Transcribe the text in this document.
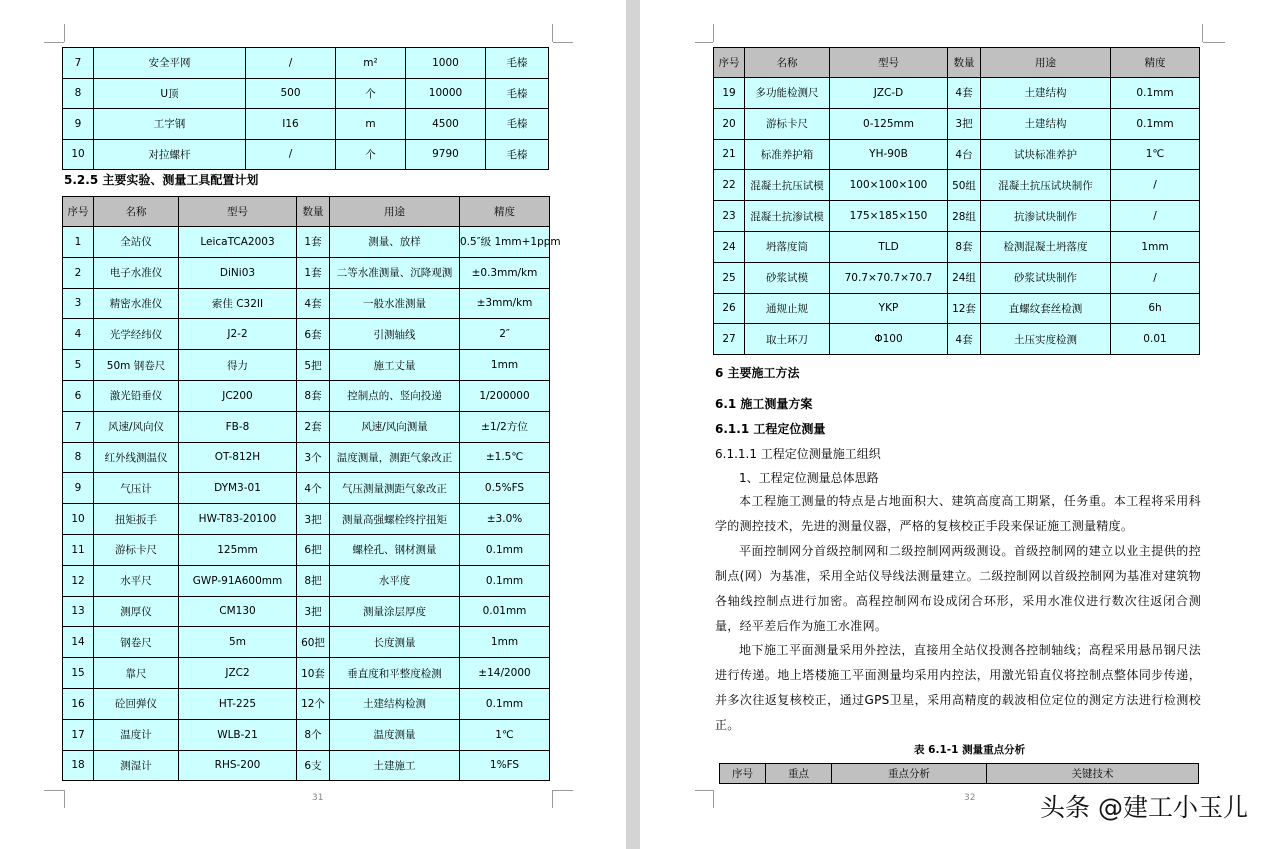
7	安全平网	/	m²	1000	毛榛
8	U顶	500	个	10000	毛榛
9	工字钢	I16	m	4500	毛榛
10	对拉螺杆	/	个	9790	毛榛
5.2.5 主要实验、测量工具配置计划
序号	名称	型号	数量	用途	精度
1	全站仪	LeicaTCA2003	1套	测量、放样	0.5″级 1mm+1ppm
2	电子水准仪	DiNi03	1套	二等水准测量、沉降观测	±0.3mm/km
3	精密水准仪	索佳 C32II	4套	一般水准测量	±3mm/km
4	光学经纬仪	J2-2	6套	引测轴线	2″
5	50m 钢卷尺	得力	5把	施工丈量	1mm
6	激光铅垂仪	JC200	8套	控制点的、竖向投递	1/200000
7	风速/风向仪	FB-8	2套	风速/风向测量	±1/2方位
8	红外线测温仪	OT-812H	3个	温度测量，测距气象改正	±1.5℃
9	气压计	DYM3-01	4个	气压测量测距气象改正	0.5%FS
10	扭矩扳手	HW-T83-20100	3把	测量高强螺栓终拧扭矩	±3.0%
11	游标卡尺	125mm	6把	螺栓孔、钢材测量	0.1mm
12	水平尺	GWP-91A600mm	8把	水平度	0.1mm
13	测厚仪	CM130	3把	测量涂层厚度	0.01mm
14	钢卷尺	5m	60把	长度测量	1mm
15	靠尺	JZC2	10套	垂直度和平整度检测	±14/2000
16	砼回弹仪	HT-225	12个	土建结构检测	0.1mm
17	温度计	WLB-21	8个	温度测量	1℃
18	测湿计	RHS-200	6支	土建施工	1%FS
31
序号	名称	型号	数量	用途	精度
19	多功能检测尺	JZC-D	4套	土建结构	0.1mm
20	游标卡尺	0-125mm	3把	土建结构	0.1mm
21	标准养护箱	YH-90B	4台	试块标准养护	1℃
22	混凝土抗压试模	100×100×100	50组	混凝土抗压试块制作	/
23	混凝土抗渗试模	175×185×150	28组	抗渗试块制作	/
24	坍落度筒	TLD	8套	检测混凝土坍落度	1mm
25	砂浆试模	70.7×70.7×70.7	24组	砂浆试块制作	/
26	通规止规	YKP	12套	直螺纹套丝检测	6h
27	取土环刀	Φ100	4套	土压实度检测	0.01
6 主要施工方法
6.1 施工测量方案
6.1.1 工程定位测量
6.1.1.1 工程定位测量施工组织
1、工程定位测量总体思路
本工程施工测量的特点是占地面积大、建筑高度高工期紧，任务重。本工程将采用科学的测控技术，先进的测量仪器，严格的复核校正手段来保证施工测量精度。
平面控制网分首级控制网和二级控制网两级测设。首级控制网的建立以业主提供的控制点(网）为基准，采用全站仪导线法测量建立。二级控制网以首级控制网为基准对建筑物各轴线控制点进行加密。高程控制网布设成闭合环形，采用水准仪进行数次往返闭合测量，经平差后作为施工水准网。
地下施工平面测量采用外控法，直接用全站仪投测各控制轴线；高程采用悬吊钢尺法进行传递。地上塔楼施工平面测量均采用内控法，用激光铅直仪将控制点整体同步传递，并多次往返复核校正，通过GPS卫星，采用高精度的载波相位定位的测定方法进行检测校正。
表 6.1-1 测量重点分析
序号	重点	重点分析	关键技术
32	头条 @建工小玉儿
